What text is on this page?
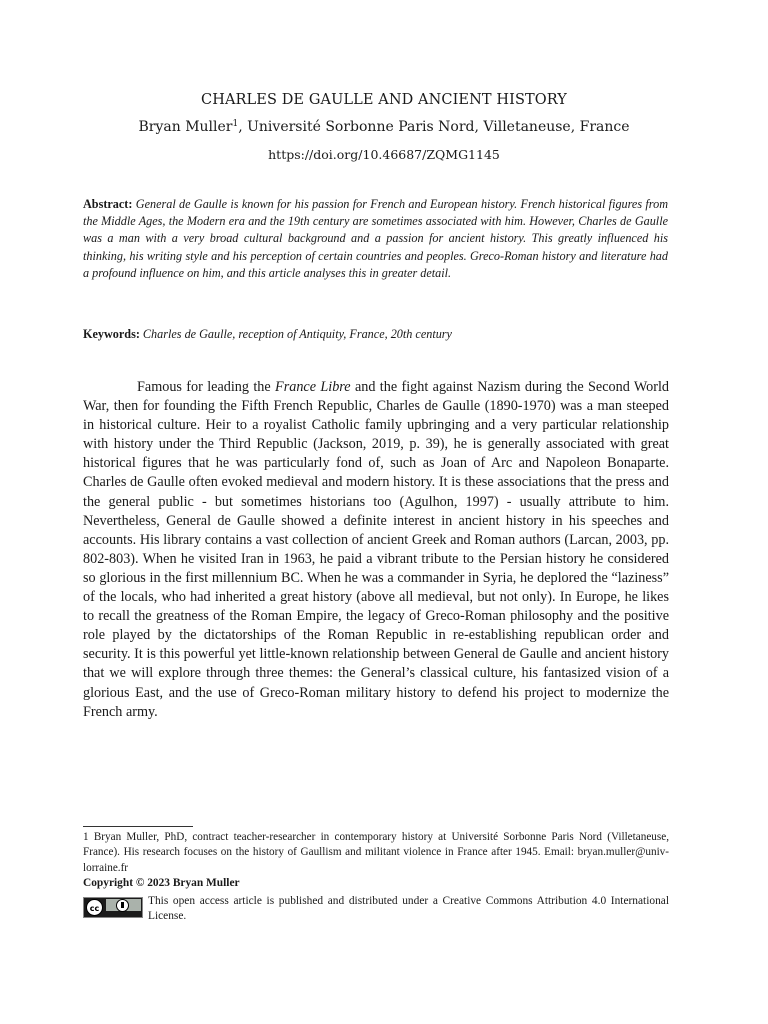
CHARLES DE GAULLE AND ANCIENT HISTORY
Bryan Muller$^1$, Université Sorbonne Paris Nord, Villetaneuse, France
https://doi.org/10.46687/ZQMG1145
Abstract: General de Gaulle is known for his passion for French and European history. French historical figures from the Middle Ages, the Modern era and the 19th century are sometimes associated with him. However, Charles de Gaulle was a man with a very broad cultural background and a passion for ancient history. This greatly influenced his thinking, his writing style and his perception of certain countries and peoples. Greco-Roman history and literature had a profound influence on him, and this article analyses this in greater detail.
Keywords: Charles de Gaulle, reception of Antiquity, France, 20th century

Famous for leading the France Libre and the fight against Nazism during the Second World War, then for founding the Fifth French Republic, Charles de Gaulle (1890-1970) was a man steeped in historical culture. Heir to a royalist Catholic family upbringing and a very particular relationship with history under the Third Republic (Jackson, 2019, p. 39), he is generally associated with great historical figures that he was particularly fond of, such as Joan of Arc and Napoleon Bonaparte. Charles de Gaulle often evoked medieval and modern history. It is these associations that the press and the general public - but sometimes historians too (Agulhon, 1997) - usually attribute to him. Nevertheless, General de Gaulle showed a definite interest in ancient history in his speeches and accounts. His library contains a vast collection of ancient Greek and Roman authors (Larcan, 2003, pp. 802-803). When he visited Iran in 1963, he paid a vibrant tribute to the Persian history he considered so glorious in the first millennium BC. When he was a commander in Syria, he deplored the “laziness” of the locals, who had inherited a great history (above all medieval, but not only). In Europe, he likes to recall the greatness of the Roman Empire, the legacy of Greco-Roman philosophy and the positive role played by the dictatorships of the Roman Republic in re-establishing republican order and security. It is this powerful yet little-known relationship between General de Gaulle and ancient history that we will explore through three themes: the General’s classical culture, his fantasized vision of a glorious East, and the use of Greco-Roman military history to defend his project to modernize the French army.

1 Bryan Muller, PhD, contract teacher-researcher in contemporary history at Université Sorbonne Paris Nord (Villetaneuse, France). His research focuses on the history of Gaullism and militant violence in France after 1945. Email: bryan.muller@univ-lorraine.fr
Copyright © 2023 Bryan Muller
cc
This open access article is published and distributed under a Creative Commons Attribution 4.0 International License.
